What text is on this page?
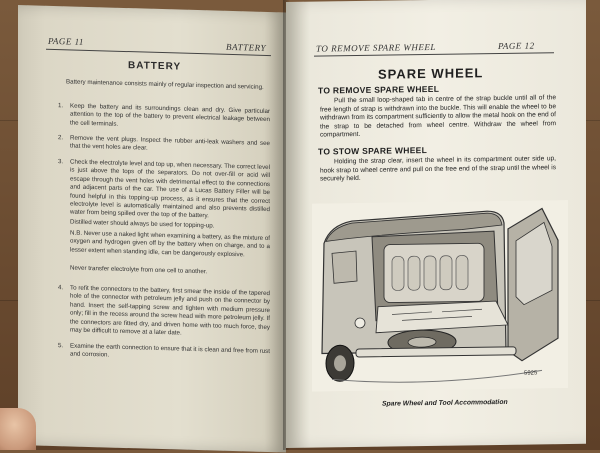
PAGE 11
BATTERY
BATTERY
Battery maintenance consists mainly of regular inspection and servicing.
1. Keep the battery and its surroundings clean and dry. Give particular attention to the top of the battery to prevent electrical leakage between the cell terminals.
2. Remove the vent plugs. Inspect the rubber anti-leak washers and see that the vent holes are clear.
3. Check the electrolyte level and top up, when necessary. The correct level is just above the tops of the separators. Do not over-fill or acid will escape through the vent holes with detrimental effect to the connections and adjacent parts of the car. The use of a Lucas Battery Filler will be found helpful in this topping-up process, as it ensures that the correct electrolyte level is automatically maintained and also prevents distilled water from being spilled over the top of the battery.
Distilled water should always be used for topping-up.
N.B. Never use a naked light when examining a battery, as the mixture of oxygen and hydrogen given off by the battery when on charge, and to a lesser extent when standing idle, can be dangerously explosive.
Never transfer electrolyte from one cell to another.
4. To refit the connectors to the battery, first smear the inside of the tapered hole of the connector with petroleum jelly and push on the connector by hand. Insert the self-tapping screw and tighten with medium pressure only; fill in the recess around the screw head with more petroleum jelly. If the connectors are fitted dry, and driven home with too much force, they may be difficult to remove at a later date.
5. Examine the earth connection to ensure that it is clean and free from rust and corrosion.
TO REMOVE SPARE WHEEL	PAGE 12
SPARE WHEEL
TO REMOVE SPARE WHEEL
Pull the small loop-shaped tab in centre of the strap buckle until all of the free length of strap is withdrawn into the buckle. This will enable the wheel to be withdrawn from its compartment sufficiently to allow the metal hook on the end of the strap to be detached from wheel centre. Withdraw the wheel from compartment.
TO STOW SPARE WHEEL
Holding the strap clear, insert the wheel in its compartment outer side up, hook strap to wheel centre and pull on the free end of the strap until the wheel is securely held.
5925
Spare Wheel and Tool Accommodation
